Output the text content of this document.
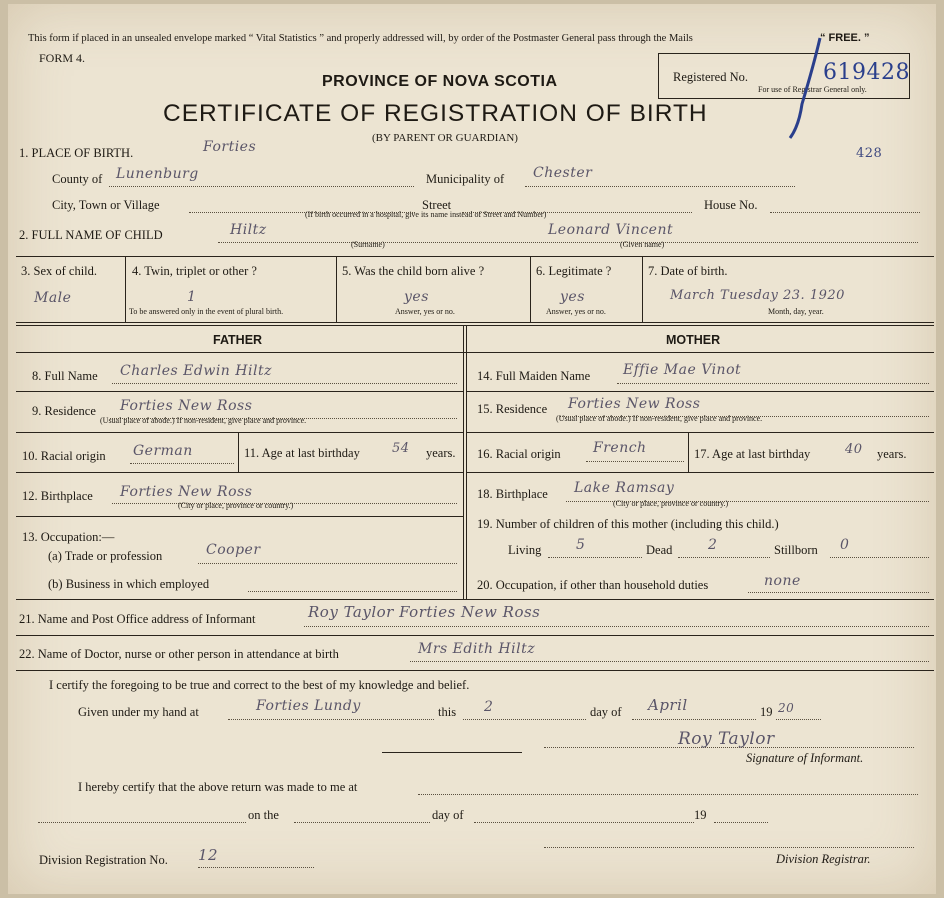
This form if placed in an unsealed envelope marked “ Vital Statistics ” and properly addressed will, by order of the Postmaster General pass through the Mails	“ FREE. ”
FORM 4.
PROVINCE OF NOVA SCOTIA
CERTIFICATE OF REGISTRATION OF BIRTH
(BY PARENT OR GUARDIAN)
Registered No.	619428
For use of Registrar General only.
428
1. PLACE OF BIRTH.	Forties
County of Lunenburg	Municipality of Chester
City, Town or Village	Street	House No.
(If birth occurred in a hospital, give its name instead of Street and Number)
2. FULL NAME OF CHILD	Hiltz	Leonard Vincent
(Surname)	(Given name)
3. Sex of child.
Male
4. Twin, triplet or other ?
1
To be answered only in the event of plural birth.
5. Was the child born alive ?
yes
Answer, yes or no.
6. Legitimate ?
yes
Answer, yes or no.
7. Date of birth.
March Tuesday 23. 1920
Month, day, year.
FATHER	MOTHER
8. Full Name Charles Edwin Hiltz
9. Residence Forties New Ross
(Usual place of abode.) If non-resident, give place and province.
10. Racial origin German	11. Age at last birthday 54 years.
12. Birthplace Forties New Ross
(City or place, province or country.)
13. Occupation:—
(a) Trade or profession	Cooper
(b) Business in which employed
14. Full Maiden Name Effie Mae Vinot
15. Residence Forties New Ross
(Usual place of abode.) If non-resident, give place and province.
16. Racial origin French	17. Age at last birthday	40 years.
18. Birthplace Lake Ramsay
(City or place, province or country.)
19. Number of children of this mother (including this child.)
Living 5	Dead	2	Stillborn 0
20. Occupation, if other than household duties	none
21. Name and Post Office address of Informant	Roy Taylor Forties New Ross
22. Name of Doctor, nurse or other person in attendance at birth	Mrs Edith Hiltz
I certify the foregoing to be true and correct to the best of my knowledge and belief.
Given under my hand at	Forties Lundy	this 2	day of April	19 20
Roy Taylor
Signature of Informant.
I hereby certify that the above return was made to me at
on the	day of	19
Division Registration No. 12	Division Registrar.
